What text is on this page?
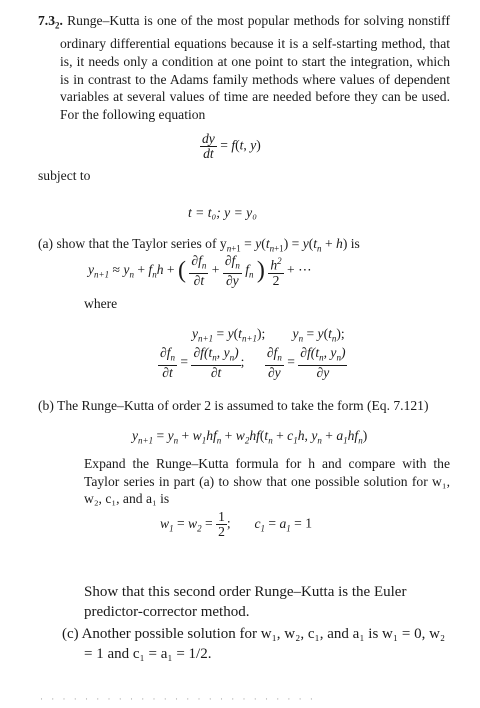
$7.3_2$. Runge–Kutta is one of the most popular methods for solving nonstiff ordinary differential equations because it is a self-starting method, that is, it needs only a condition at one point to start the integration, which is in contrast to the Adams family methods where values of dependent variables at several values of time are needed before they can be used. For the following equation

$\frac{dy}{dt} = f(t$, y)
subject to
t = t₀; y = y₀
(a) show that the Taylor series of $y_{n+1} = y(t_{n+1}) = y(t_n + h)$ is
$y_{n+1} \approx y_n + f_nh$ + ( $\frac{\partial f_n}{\partial t} + \frac{\partial f_n}{\partial y} f_n$ ) $\frac{h^2}{2}$ + ⋯
where
$y_{n+1} = y(t_{n+1})$;        $y_n = y(t_n)$;
$\frac{\partial f_n}{\partial t} = \frac{\partial f(t_n, y_n)}{\partial t}$ ; $\frac{\partial f_n}{\partial y} = \frac{\partial f(t_n, y_n)}{\partial y}$
(b) The Runge–Kutta of order 2 is assumed to take the form (Eq. 7.121)
$y_{n+1} = y_n + w_1hf_n + w_2hf(t_n + c_1h$, $y_n + a_1hf_n$)
Expand the Runge–Kutta formula for h and compare with the Taylor series in part (a) to show that one possible solution for w₁, w₂, c₁, and a₁ is
$w_1 = w_2 = \frac{1}{2}$ ;       $c_1 = a_1 = 1$
Show that this second order Runge–Kutta is the Euler predictor-corrector method.

(c) Another possible solution for w₁, w₂, c₁, and a₁ is w₁ = 0, w₂ = 1 and c₁ = a₁ = 1/2.

· · · · · · · · · · · · · · · · · · · · · · · · ·
